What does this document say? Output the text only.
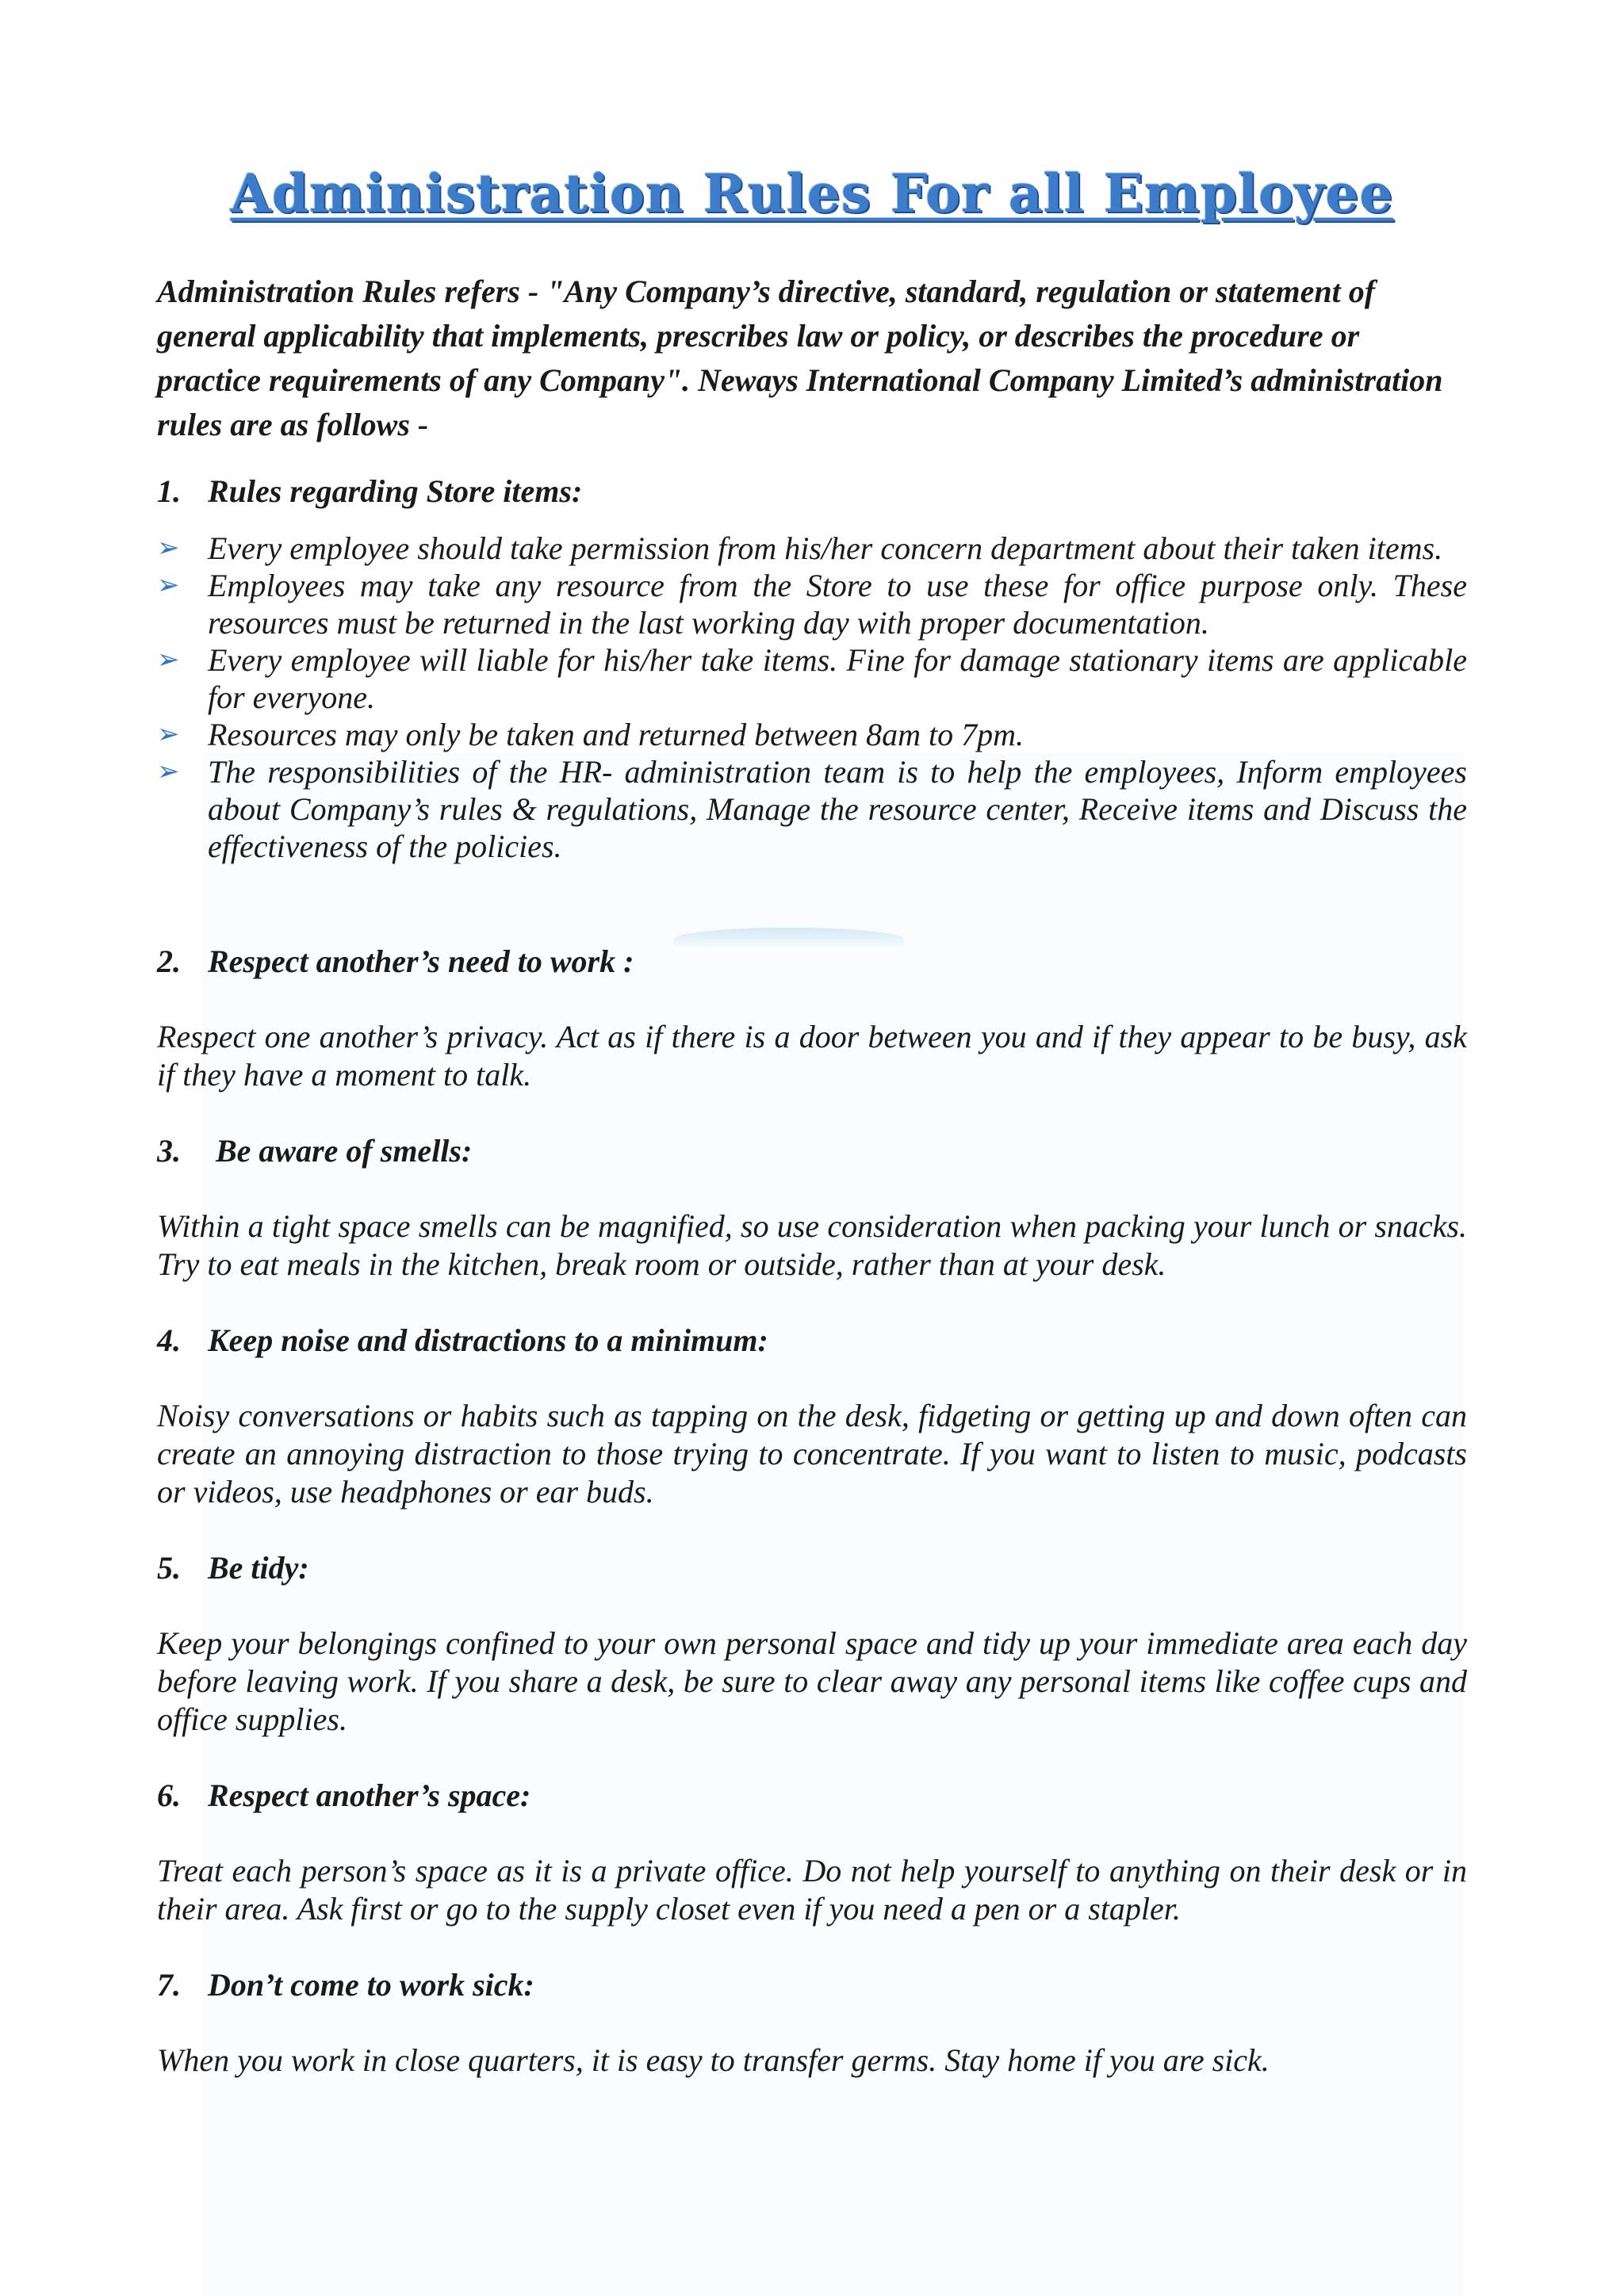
Administration Rules For all Employee
Administration Rules refers - "Any Company’s directive, standard, regulation or statement of general applicability that implements, prescribes law or policy, or describes the procedure or practice requirements of any Company". Neways International Company Limited’s administration rules are as follows -
1. Rules regarding Store items:
➢ Every employee should take permission from his/her concern department about their taken items.
➢ Employees may take any resource from the Store to use these for office purpose only. These resources must be returned in the last working day with proper documentation.
➢ Every employee will liable for his/her take items. Fine for damage stationary items are applicable for everyone.
➢ Resources may only be taken and returned between 8am to 7pm.
➢ The responsibilities of the HR- administration team is to help the employees, Inform employees about Company’s rules & regulations, Manage the resource center, Receive items and Discuss the effectiveness of the policies.
2. Respect another’s need to work :
Respect one another’s privacy. Act as if there is a door between you and if they appear to be busy, ask if they have a moment to talk.
3. Be aware of smells:
Within a tight space smells can be magnified, so use consideration when packing your lunch or snacks. Try to eat meals in the kitchen, break room or outside, rather than at your desk.
4. Keep noise and distractions to a minimum:
Noisy conversations or habits such as tapping on the desk, fidgeting or getting up and down often can create an annoying distraction to those trying to concentrate. If you want to listen to music, podcasts or videos, use headphones or ear buds.
5. Be tidy:
Keep your belongings confined to your own personal space and tidy up your immediate area each day before leaving work. If you share a desk, be sure to clear away any personal items like coffee cups and office supplies.
6. Respect another’s space:
Treat each person’s space as it is a private office. Do not help yourself to anything on their desk or in their area. Ask first or go to the supply closet even if you need a pen or a stapler.
7. Don’t come to work sick:
When you work in close quarters, it is easy to transfer germs. Stay home if you are sick.
